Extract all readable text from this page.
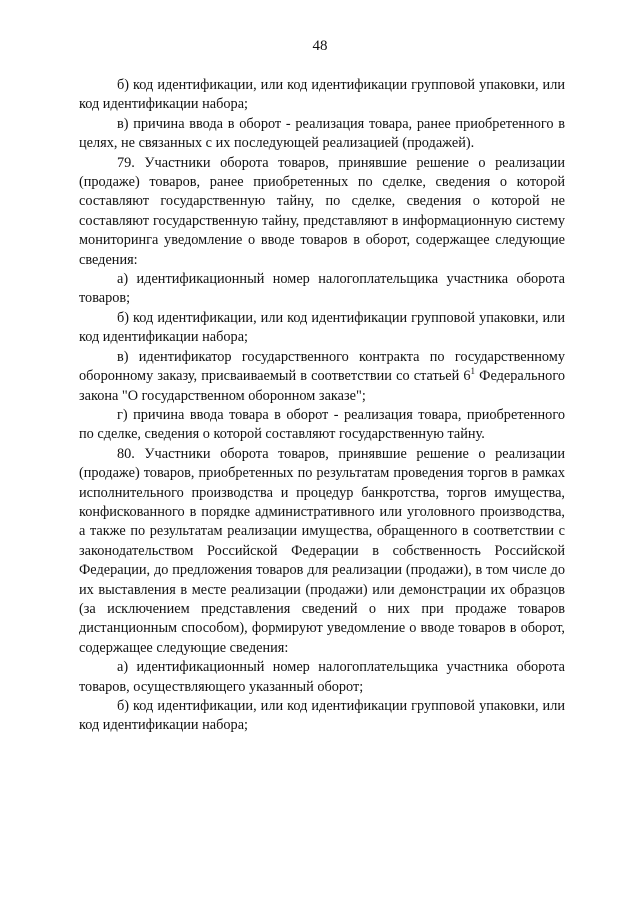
48

б) код идентификации, или код идентификации групповой упаковки, или код идентификации набора;

в) причина ввода в оборот - реализация товара, ранее приобретенного в целях, не связанных с их последующей реализацией (продажей).

79. Участники оборота товаров, принявшие решение о реализации (продаже) товаров, ранее приобретенных по сделке, сведения о которой составляют государственную тайну, по сделке, сведения о которой не составляют государственную тайну, представляют в информационную систему мониторинга уведомление о вводе товаров в оборот, содержащее следующие сведения:

а) идентификационный номер налогоплательщика участника оборота товаров;

б) код идентификации, или код идентификации групповой упаковки, или код идентификации набора;

в) идентификатор государственного контракта по государственному оборонному заказу, присваиваемый в соответствии со статьей $6^1$ Федерального закона "О государственном оборонном заказе";

г) причина ввода товара в оборот - реализация товара, приобретенного по сделке, сведения о которой составляют государственную тайну.

80. Участники оборота товаров, принявшие решение о реализации (продаже) товаров, приобретенных по результатам проведения торгов в рамках исполнительного производства и процедур банкротства, торгов имущества, конфискованного в порядке административного или уголовного производства, а также по результатам реализации имущества, обращенного в соответствии с законодательством Российской Федерации в собственность Российской Федерации, до предложения товаров для реализации (продажи), в том числе до их выставления в месте реализации (продажи) или демонстрации их образцов (за исключением представления сведений о них при продаже товаров дистанционным способом), формируют уведомление о вводе товаров в оборот, содержащее следующие сведения:

а) идентификационный номер налогоплательщика участника оборота товаров, осуществляющего указанный оборот;

б) код идентификации, или код идентификации групповой упаковки, или код идентификации набора;
